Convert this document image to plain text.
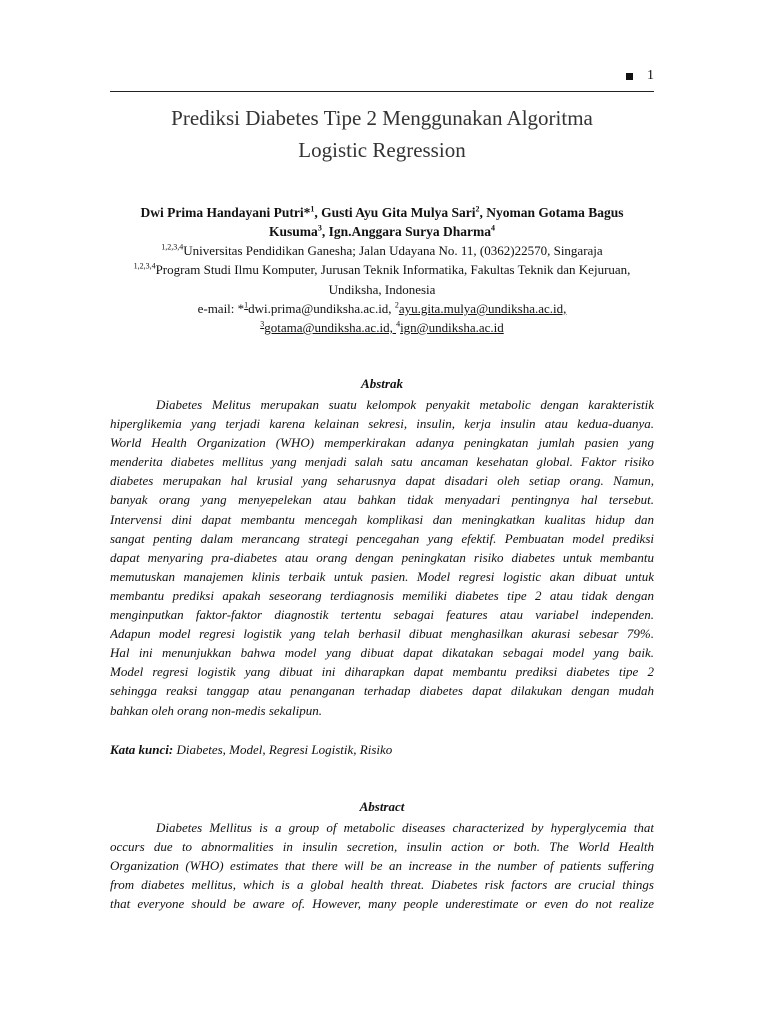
1
Prediksi Diabetes Tipe 2 Menggunakan Algoritma
Logistic Regression
Dwi Prima Handayani Putri*$^1$, Gusti Ayu Gita Mulya Sari$^2$, Nyoman Gotama Bagus
Kusuma$^3$, Ign.Anggara Surya Dharma$^4$
$^{1,2,3,4}$Universitas Pendidikan Ganesha; Jalan Udayana No. 11, (0362)22570, Singaraja
$^{1,2,3,4}$Program Studi Ilmu Komputer, Jurusan Teknik Informatika, Fakultas Teknik dan Kejuruan,
Undiksha, Indonesia
e-mail: *$^1$dwi.prima@undiksha.ac.id, $^2$ayu.gita.mulya@undiksha.ac.id,
$^3$gotama@undiksha.ac.id, $^4$ign@undiksha.ac.id
Abstrak
Diabetes Melitus merupakan suatu kelompok penyakit metabolic dengan karakteristik
hiperglikemia yang terjadi karena kelainan sekresi, insulin, kerja insulin atau kedua-duanya.
World Health Organization (WHO) memperkirakan adanya peningkatan jumlah pasien yang
menderita diabetes mellitus yang menjadi salah satu ancaman kesehatan global. Faktor risiko
diabetes merupakan hal krusial yang seharusnya dapat disadari oleh setiap orang. Namun,
banyak orang yang menyepelekan atau bahkan tidak menyadari pentingnya hal tersebut.
Intervensi dini dapat membantu mencegah komplikasi dan meningkatkan kualitas hidup dan
sangat penting dalam merancang strategi pencegahan yang efektif. Pembuatan model prediksi
dapat menyaring pra-diabetes atau orang dengan peningkatan risiko diabetes untuk membantu
memutuskan manajemen klinis terbaik untuk pasien. Model regresi logistic akan dibuat untuk
membantu prediksi apakah seseorang terdiagnosis memiliki diabetes tipe 2 atau tidak dengan
menginputkan faktor-faktor diagnostik tertentu sebagai features atau variabel independen.
Adapun model regresi logistik yang telah berhasil dibuat menghasilkan akurasi sebesar 79%.
Hal ini menunjukkan bahwa model yang dibuat dapat dikatakan sebagai model yang baik.
Model regresi logistik yang dibuat ini diharapkan dapat membantu prediksi diabetes tipe 2
sehingga reaksi tanggap atau penanganan terhadap diabetes dapat dilakukan dengan mudah
bahkan oleh orang non-medis sekalipun.
Kata kunci: Diabetes, Model, Regresi Logistik, Risiko
Abstract
Diabetes Mellitus is a group of metabolic diseases characterized by hyperglycemia that
occurs due to abnormalities in insulin secretion, insulin action or both. The World Health
Organization (WHO) estimates that there will be an increase in the number of patients suffering
from diabetes mellitus, which is a global health threat. Diabetes risk factors are crucial things
that everyone should be aware of. However, many people underestimate or even do not realize
